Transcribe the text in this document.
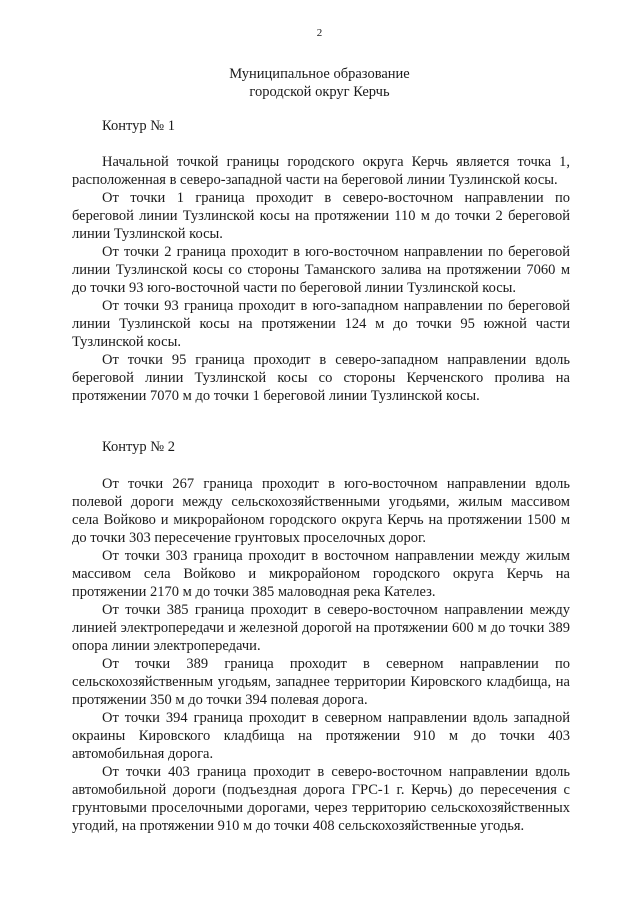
2
Муниципальное образование
городской округ Керчь
Контур № 1

Начальной точкой границы городского округа Керчь является точка 1, расположенная в северо-западной части на береговой линии Тузлинской косы.

От точки 1 граница проходит в северо-восточном направлении по береговой линии Тузлинской косы на протяжении 110 м до точки 2 береговой линии Тузлинской косы.

От точки 2 граница проходит в юго-восточном направлении по береговой линии Тузлинской косы со стороны Таманского залива на протяжении 7060 м до точки 93 юго-восточной части по береговой линии Тузлинской косы.

От точки 93 граница проходит в юго-западном направлении по береговой линии Тузлинской косы на протяжении 124 м до точки 95 южной части Тузлинской косы.

От точки 95 граница проходит в северо-западном направлении вдоль береговой линии Тузлинской косы со стороны Керченского пролива на протяжении 7070 м до точки 1 береговой линии Тузлинской косы.

Контур № 2

От точки 267 граница проходит в юго-восточном направлении вдоль полевой дороги между сельскохозяйственными угодьями, жилым массивом села Войково и микрорайоном городского округа Керчь на протяжении 1500 м до точки 303 пересечение грунтовых проселочных дорог.

От точки 303 граница проходит в восточном направлении между жилым массивом села Войково и микрорайоном городского округа Керчь на протяжении 2170 м до точки 385 маловодная река Кателез.

От точки 385 граница проходит в северо-восточном направлении между линией электропередачи и железной дорогой на протяжении 600 м до точки 389 опора линии электропередачи.

От точки 389 граница проходит в северном направлении по сельскохозяйственным угодьям, западнее территории Кировского кладбища, на протяжении 350 м до точки 394 полевая дорога.

От точки 394 граница проходит в северном направлении вдоль западной окраины Кировского кладбища на протяжении 910 м до точки 403 автомобильная дорога.

От точки 403 граница проходит в северо-восточном направлении вдоль автомобильной дороги (подъездная дорога ГРС-1 г. Керчь) до пересечения с грунтовыми проселочными дорогами, через территорию сельскохозяйственных угодий, на протяжении 910 м до точки 408 сельскохозяйственные угодья.
